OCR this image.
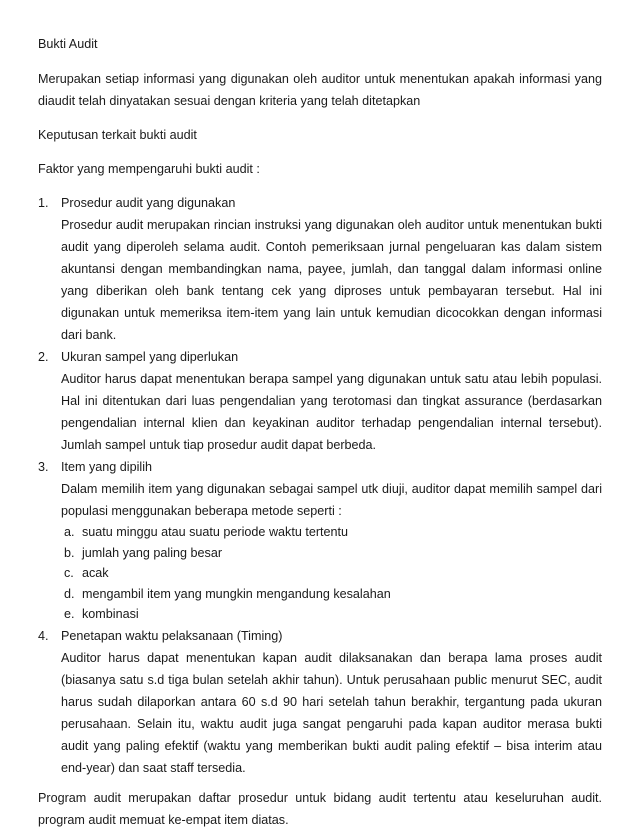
Bukti Audit

Merupakan setiap informasi yang digunakan oleh auditor untuk menentukan apakah informasi yang diaudit telah dinyatakan sesuai dengan kriteria yang telah ditetapkan

Keputusan terkait bukti audit

Faktor yang mempengaruhi bukti audit :

1. Prosedur audit yang digunakan
Prosedur audit merupakan rincian instruksi yang digunakan oleh auditor untuk menentukan bukti audit yang diperoleh selama audit. Contoh pemeriksaan jurnal pengeluaran kas dalam sistem akuntansi dengan membandingkan nama, payee, jumlah, dan tanggal dalam informasi online yang diberikan oleh bank tentang cek yang diproses untuk pembayaran tersebut. Hal ini digunakan untuk memeriksa item-item yang lain untuk kemudian dicocokkan dengan informasi dari bank.
2. Ukuran sampel yang diperlukan
Auditor harus dapat menentukan berapa sampel yang digunakan untuk satu atau lebih populasi. Hal ini ditentukan dari luas pengendalian yang terotomasi dan tingkat assurance (berdasarkan pengendalian internal klien dan keyakinan auditor terhadap pengendalian internal tersebut). Jumlah sampel untuk tiap prosedur audit dapat berbeda.
3. Item yang dipilih
Dalam memilih item yang digunakan sebagai sampel utk diuji, auditor dapat memilih sampel dari populasi menggunakan beberapa metode seperti :
a. suatu minggu atau suatu periode waktu tertentu
b. jumlah yang paling besar
c. acak
d. mengambil item yang mungkin mengandung kesalahan
e. kombinasi
4. Penetapan waktu pelaksanaan (Timing)
Auditor harus dapat menentukan kapan audit dilaksanakan dan berapa lama proses audit (biasanya satu s.d tiga bulan setelah akhir tahun). Untuk perusahaan public menurut SEC, audit harus sudah dilaporkan antara 60 s.d 90 hari setelah tahun berakhir, tergantung pada ukuran perusahaan. Selain itu, waktu audit juga sangat pengaruhi pada kapan auditor merasa bukti audit yang paling efektif (waktu yang memberikan bukti audit paling efektif – bisa interim atau end-year) dan saat staff tersedia.

Program audit merupakan daftar prosedur untuk bidang audit tertentu atau keseluruhan audit. program audit memuat ke-empat item diatas.
